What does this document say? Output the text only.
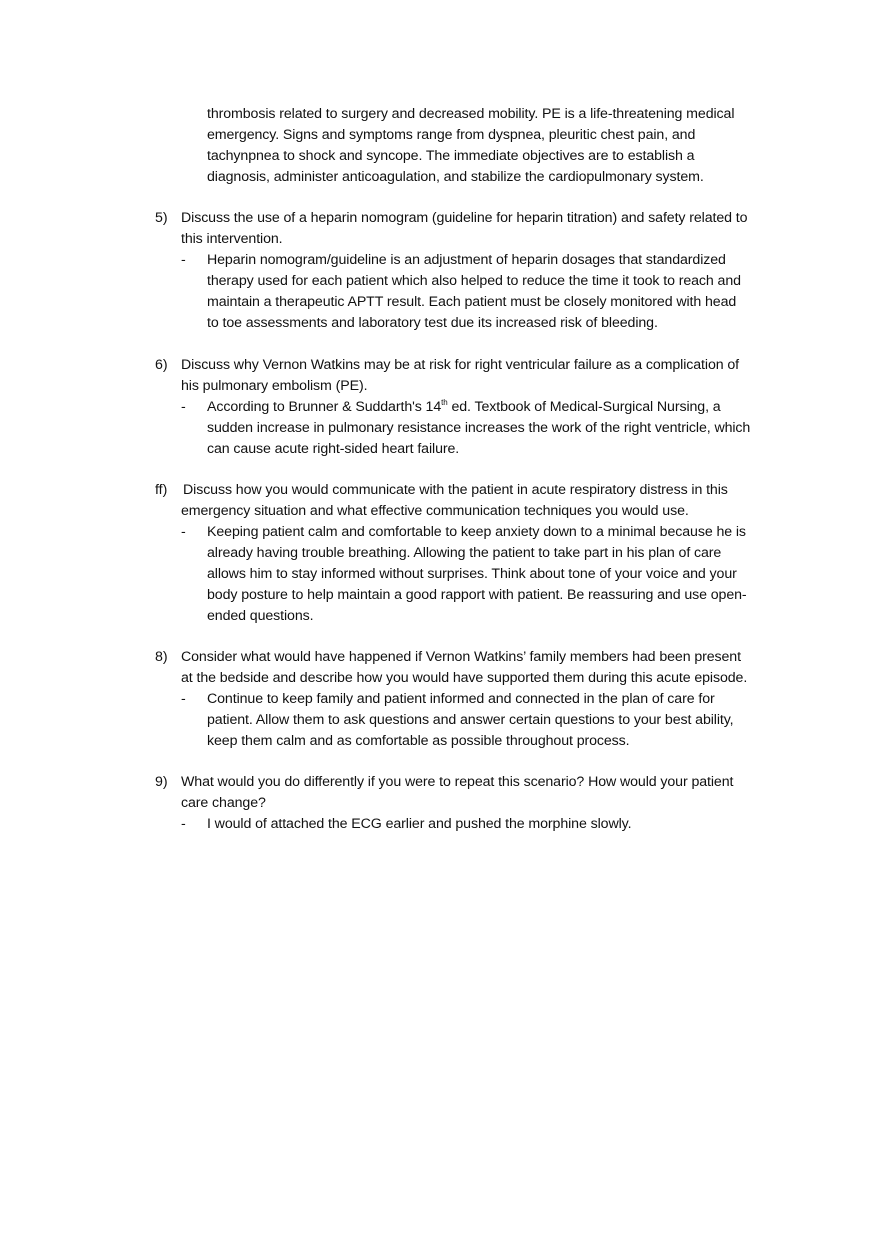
thrombosis related to surgery and decreased mobility. PE is a life-threatening medical
emergency. Signs and symptoms range from dyspnea, pleuritic chest pain, and
tachynpnea to shock and syncope. The immediate objectives are to establish a
diagnosis, administer anticoagulation, and stabilize the cardiopulmonary system.
5) Discuss the use of a heparin nomogram (guideline for heparin titration) and safety related to
this intervention.
- Heparin nomogram/guideline is an adjustment of heparin dosages that standardized
therapy used for each patient which also helped to reduce the time it took to reach and
maintain a therapeutic APTT result. Each patient must be closely monitored with head
to toe assessments and laboratory test due its increased risk of bleeding.
6) Discuss why Vernon Watkins may be at risk for right ventricular failure as a complication of
his pulmonary embolism (PE).
- According to Brunner & Suddarth's 14th ed. Textbook of Medical-Surgical Nursing, a
sudden increase in pulmonary resistance increases the work of the right ventricle, which
can cause acute right-sided heart failure.
ff) Discuss how you would communicate with the patient in acute respiratory distress in this
emergency situation and what effective communication techniques you would use.
- Keeping patient calm and comfortable to keep anxiety down to a minimal because he is
already having trouble breathing. Allowing the patient to take part in his plan of care
allows him to stay informed without surprises. Think about tone of your voice and your
body posture to help maintain a good rapport with patient. Be reassuring and use open-
ended questions.
8) Consider what would have happened if Vernon Watkins’ family members had been present
at the bedside and describe how you would have supported them during this acute episode.
- Continue to keep family and patient informed and connected in the plan of care for
patient. Allow them to ask questions and answer certain questions to your best ability,
keep them calm and as comfortable as possible throughout process.
9) What would you do differently if you were to repeat this scenario? How would your patient
care change?
- I would of attached the ECG earlier and pushed the morphine slowly.
